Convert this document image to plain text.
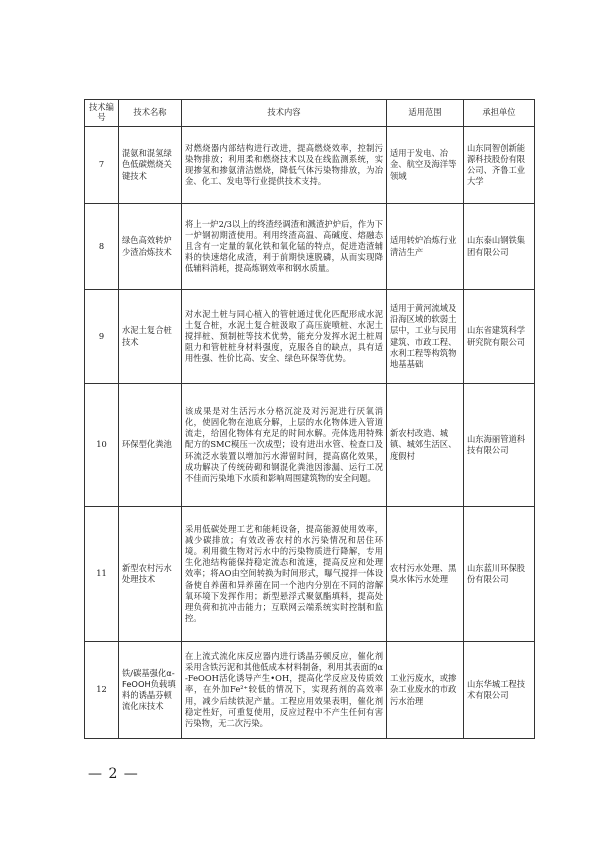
技术编号	技术名称	技术内容	适用范围	承担单位
7	混氨和混氢绿色低碳燃烧关键技术	对燃烧器内部结构进行改进，提高燃烧效率，控制污染物排放；利用柔和燃烧技术以及在线监测系统，实现掺氢和掺氨清洁燃烧，降低气体污染物排放，为冶金、化工、发电等行业提供技术支持。	适用于发电、冶金、航空及海洋等领域	山东同智创新能源科技股份有限公司、齐鲁工业大学
8	绿色高效转炉少渣冶炼技术	将上一炉2/3以上的终渣经调渣和溅渣护炉后，作为下一炉钢初期渣使用。利用终渣高温、高碱度、熔融态且含有一定量的氧化铁和氧化锰的特点，促进造渣辅料的快速熔化成渣，利于前期快速脱磷，从而实现降低辅料消耗，提高炼钢效率和钢水质量。	适用转炉冶炼行业清洁生产	山东泰山钢铁集团有限公司
9	水泥土复合桩技术	对水泥土桩与同心植入的管桩通过优化匹配形成水泥土复合桩，水泥土复合桩汲取了高压旋喷桩、水泥土搅拌桩、预制桩等技术优势，能充分发挥水泥土桩周阻力和管桩桩身材料强度，克服各自的缺点，具有适用性强、性价比高、安全、绿色环保等优势。	适用于黄河流域及沿海区域的软弱土层中，工业与民用建筑、市政工程、水利工程等构筑物地基基础	山东省建筑科学研究院有限公司
10	环保型化粪池	该成果是对生活污水分格沉淀及对污泥进行厌氧消化，使固化物在池底分解，上层的水化物体进入管道流走，给固化物体有充足的时间水解。壳体选用特殊配方的SMC模压一次成型；设有进出水管、检查口及环流泛水装置以增加污水滞留时间，提高腐化效果，成功解决了传统砖砌和钢混化粪池因渗漏、运行工况不佳而污染地下水质和影响周围建筑物的安全问题。	新农村改造、城镇、城郊生活区、度假村	山东海丽管道科技有限公司
11	新型农村污水处理技术	采用低碳处理工艺和能耗设备，提高能源使用效率，减少碳排放；有效改善农村的水污染情况和居住环境。利用微生物对污水中的污染物质进行降解，专用生化池结构能保持稳定流态和流速，提高反应和处理效率；将AO由空间转换为时间形式，曝气搅拌一体设备使自养菌和异养菌在同一个池内分别在不同的溶解氧环境下发挥作用；新型悬浮式聚氨酯填料，提高处理负荷和抗冲击能力；互联网云端系统实时控制和监控。	农村污水处理、黑臭水体污水处理	山东蓝川环保股份有限公司
12	铁/碳基强化α-FeOOH负载填料的诱晶芬顿流化床技术	在上流式流化床反应器内进行诱晶芬顿反应，催化剂采用含铁污泥和其他低成本材料制备，利用其表面的α-FeOOH活化诱导产生•OH，提高化学反应及传质效率，在外加Fe²⁺较低的情况下，实现药剂的高效率用，减少后续铁泥产量。工程应用效果表明，催化剂稳定性好，可重复使用，反应过程中不产生任何有害污染物，无二次污染。	工业污废水，或掺杂工业废水的市政污水治理	山东华城工程技术有限公司
— 2 —
